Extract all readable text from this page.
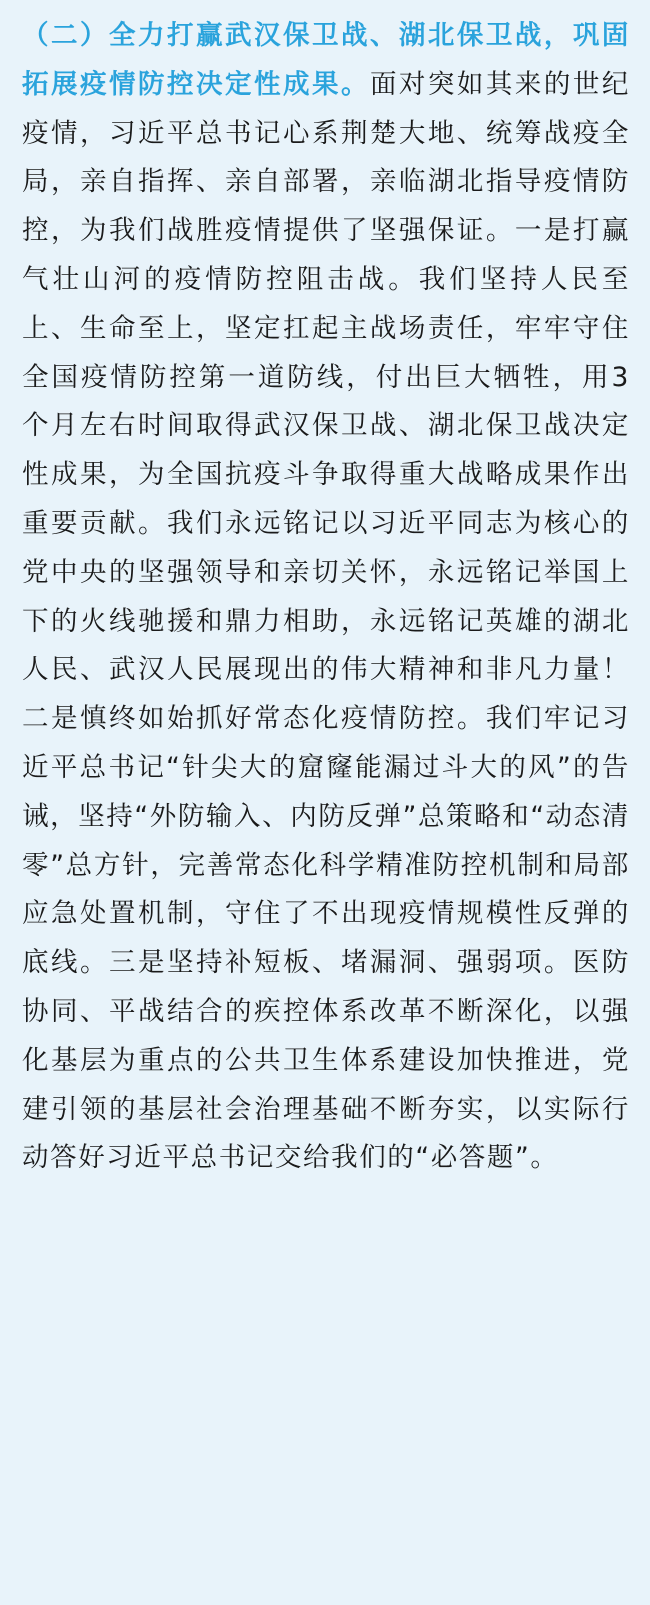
（二）全力打赢武汉保卫战、湖北保卫战，巩固拓展疫情防控决定性成果。面对突如其来的世纪疫情，习近平总书记心系荆楚大地、统筹战疫全局，亲自指挥、亲自部署，亲临湖北指导疫情防控，为我们战胜疫情提供了坚强保证。一是打赢气壮山河的疫情防控阻击战。我们坚持人民至上、生命至上，坚定扛起主战场责任，牢牢守住全国疫情防控第一道防线，付出巨大牺牲，用3个月左右时间取得武汉保卫战、湖北保卫战决定性成果，为全国抗疫斗争取得重大战略成果作出重要贡献。我们永远铭记以习近平同志为核心的党中央的坚强领导和亲切关怀，永远铭记举国上下的火线驰援和鼎力相助，永远铭记英雄的湖北人民、武汉人民展现出的伟大精神和非凡力量！二是慎终如始抓好常态化疫情防控。我们牢记习近平总书记“针尖大的窟窿能漏过斗大的风”的告诫，坚持“外防输入、内防反弹”总策略和“动态清零”总方针，完善常态化科学精准防控机制和局部应急处置机制，守住了不出现疫情规模性反弹的底线。三是坚持补短板、堵漏洞、强弱项。医防协同、平战结合的疾控体系改革不断深化，以强化基层为重点的公共卫生体系建设加快推进，党建引领的基层社会治理基础不断夯实，以实际行动答好习近平总书记交给我们的“必答题”。
